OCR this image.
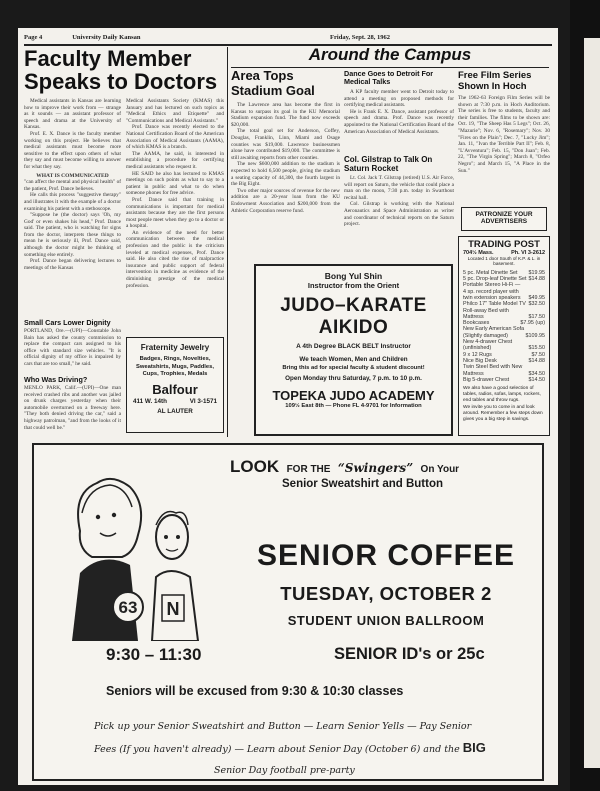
Page 4	University Daily Kansan	Friday, Sept. 28, 1962
Faculty Member Speaks to Doctors

Medical assistants in Kansas are learning how to improve their work from — strange as it sounds — an assistant professor of speech and drama at the University of Kansas.

Prof. E. X. Dance is the faculty member working on this project. He believes that medical assistants must become more sensitive to the effect upon others of what they say and must become willing to answer for what they say.

WHAT IS COMMUNICATED

"can affect the mental and physical health" of the patient, Prof. Dance believes.

He calls this process "suggestive therapy" and illustrates it with the example of a doctor examining his patient with a stethoscope.

"Suppose he (the doctor) says 'Oh, my God' or even shakes his head," Prof. Dance said. The patient, who is watching for signs from the doctor, interprets these things to mean he is seriously ill, Prof. Dance said, although the doctor might be thinking of something else entirely.

Prof. Dance began delivering lectures to meetings of the Kansas

Medical Assistants Society (KMAS) this January and has lectured on such topics as "Medical Ethics and Etiquette" and "Communications and Medical Assistants."

Prof. Dance was recently elected to the National Certification Board of the American Association of Medical Assistants (AAMA), of which KMAS is a branch.

The AAMA, he said, is interested in establishing a procedure for certifying medical assistants who request it.

HE SAID he also has lectured to KMAS meetings on such points as what to say to a patient in public and what to do when someone phones for free advice.

Prof. Dance said that training in communications is important for medical assistants because they are the first persons most people meet when they go to a doctor or a hospital.

An evidence of the need for better communication between the medical profession and the public is the criticism leveled at medical expenses, Prof. Dance said. He also cited the rise of malpractice insurance and public support of federal intervention in medicine as evidence of the diminishing prestige of the medical profession.

Small Cars Lower Dignity
PORTLAND, Ore.—(UPI)—Constable John Bain has asked the county commission to replace the compact cars assigned to his office with standard size vehicles. "It is official dignity of my office is impaired by cars that are too small," he said.
Who Was Driving?
MENLO PARK, Calif.—(UPI)—One man received crashed ribs and another was jailed on drunk charges yesterday when their automobile overturned on a freeway here. "They both denied driving the car," said a highway patrolman, "and from the looks of it that could well be."
Fraternity Jewelry
Badges, Rings, Novelties, Sweatshirts, Mugs, Paddles, Cups, Trophies, Medals
Balfour
411 W. 14th	VI 3-1571
AL LAUTER
Around the Campus
Area Tops Stadium Goal

The Lawrence area has become the first in Kansas to surpass its goal in the KU Memorial Stadium expansion fund. The fund now exceeds $20,000.

The total goal set for Anderson, Coffey, Douglas, Franklin, Linn, Miami and Osage counties was $19,000. Lawrence businessmen alone have contributed $19,000. The committee is still awaiting reports from other counties.

The new $600,000 addition to the stadium is expected to hold 6,500 people, giving the stadium a seating capacity of 44,300, the fourth largest in the Big Eight.

Two other major sources of revenue for the new addition are a 20-year loan from the KU Endowment Association and $200,000 from the Athletic Corporation reserve fund.

Dance Goes to Detroit For Medical Talks

A KP faculty member went to Detroit today to attend a meeting on proposed methods for certifying medical assistants.

He is Frank E. X. Dance, assistant professor of speech and drama. Prof. Dance was recently appointed to the National Certification Board of the American Association of Medical Assistants.

Col. Gilstrap to Talk On Saturn Rocket

Lt. Col. Jack T. Gilstrap (retired) U.S. Air Force, will report on Saturn, the vehicle that could place a man on the moon, 7:30 p.m. today in Swarthout recital hall.

Col. Gilstrap is working with the National Aeronautics and Space Administration as writer and coordinator of technical reports on the Saturn project.

Free Film Series Shown In Hoch
The 1962-63 Foreign Film Series will be shown at 7:30 p.m. in Hoch Auditorium. The series is free to students, faculty and their families. The films to be shown are: Oct. 19, "The Sheep Has 5 Legs"; Oct. 26, "Mazurie"; Nov. 6, "Rosemary"; Nov. 30 "Fires on the Plain"; Dec. 7, "Lucky Jim"; Jan. 11, "Ivan the Terrible Part II"; Feb. 8, "L'Avventura"; Feb. 15, "Don Juan"; Feb. 22, "The Virgin Spring"; March 8, "Orfeo Negro"; and March 15, "A Place in the Sun."
PATRONIZE YOUR
ADVERTISERS
TRADING POST
704½ Mass.	Ph. VI 3-2612
Located 1 door South of K.P. & L. in basement.
5 pc. Metal Dinette Set $19.95
5 pc. Drop-leaf Dinette Set $14.88
Portable Stereo Hi-Fi —
4 sp. record player with
twin extension speakers $49.95
Philco 17" Table Model TV $32.50
Roll-away Bed with
Mattress	$17.50
Bookcases	$7.95 (up)
New Early American Sofa
(Slightly damaged)	$109.95
New 4-drawer Chest
(unfinished)	$15.50
9 x 12 Rugs	$7.50
Nice Big Desk	$14.88
Twin Steel Bed with New
Mattress	$34.50
Big 5-drawer Chest	$14.50
We also have a good selection of tables, radios, sofas, lamps, rockers, end tables and throw rugs.
We invite you to come in and look around. Remember a few steps down gives you a big step in savings.
Bong Yul Shin
Instructor from the Orient
JUDO–KARATE
AIKIDO
A 4th Degree BLACK BELT Instructor
We teach Women, Men and Children
Bring this ad for special faculty & student discount!
Open Monday thru Saturday, 7 p.m. to 10 p.m.
TOPEKA JUDO ACADEMY
109½ East 8th — Phone FL 4-9701 for Information
63 N
LOOK FOR THE “Swingers” On Your
Senior Sweatshirt and Button
SENIOR COFFEE
TUESDAY, OCTOBER 2
STUDENT UNION BALLROOM
9:30 – 11:30	SENIOR ID's or 25c
Seniors will be excused from 9:30 & 10:30 classes
Pick up your Senior Sweatshirt and Button — Learn Senior Yells — Pay Senior
Fees (If you haven't already) — Learn about Senior Day (October 6) and the BIG
Senior Day football pre-party
